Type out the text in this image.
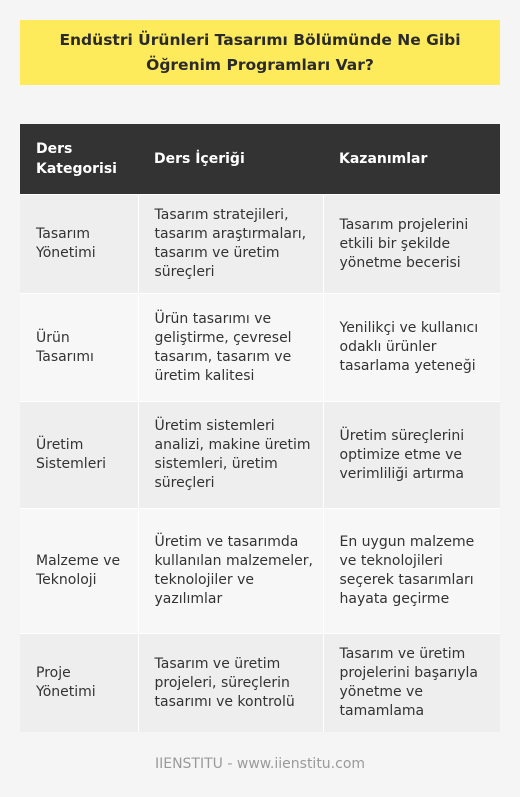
Endüstri Ürünleri Tasarımı Bölümünde Ne Gibi Öğrenim Programları Var?
Ders Kategorisi	Ders İçeriği	Kazanımlar
Tasarım Yönetimi	Tasarım stratejileri, tasarım araştırmaları, tasarım ve üretim süreçleri	Tasarım projelerini etkili bir şekilde yönetme becerisi
Ürün Tasarımı	Ürün tasarımı ve geliştirme, çevresel tasarım, tasarım ve üretim kalitesi	Yenilikçi ve kullanıcı odaklı ürünler tasarlama yeteneği
Üretim Sistemleri	Üretim sistemleri analizi, makine üretim sistemleri, üretim süreçleri	Üretim süreçlerini optimize etme ve verimliliği artırma
Malzeme ve Teknoloji	Üretim ve tasarımda kullanılan malzemeler, teknolojiler ve yazılımlar	En uygun malzeme ve teknolojileri seçerek tasarımları hayata geçirme
Proje Yönetimi	Tasarım ve üretim projeleri, süreçlerin tasarımı ve kontrolü	Tasarım ve üretim projelerini başarıyla yönetme ve tamamlama
IIENSTITU - www.iienstitu.com
